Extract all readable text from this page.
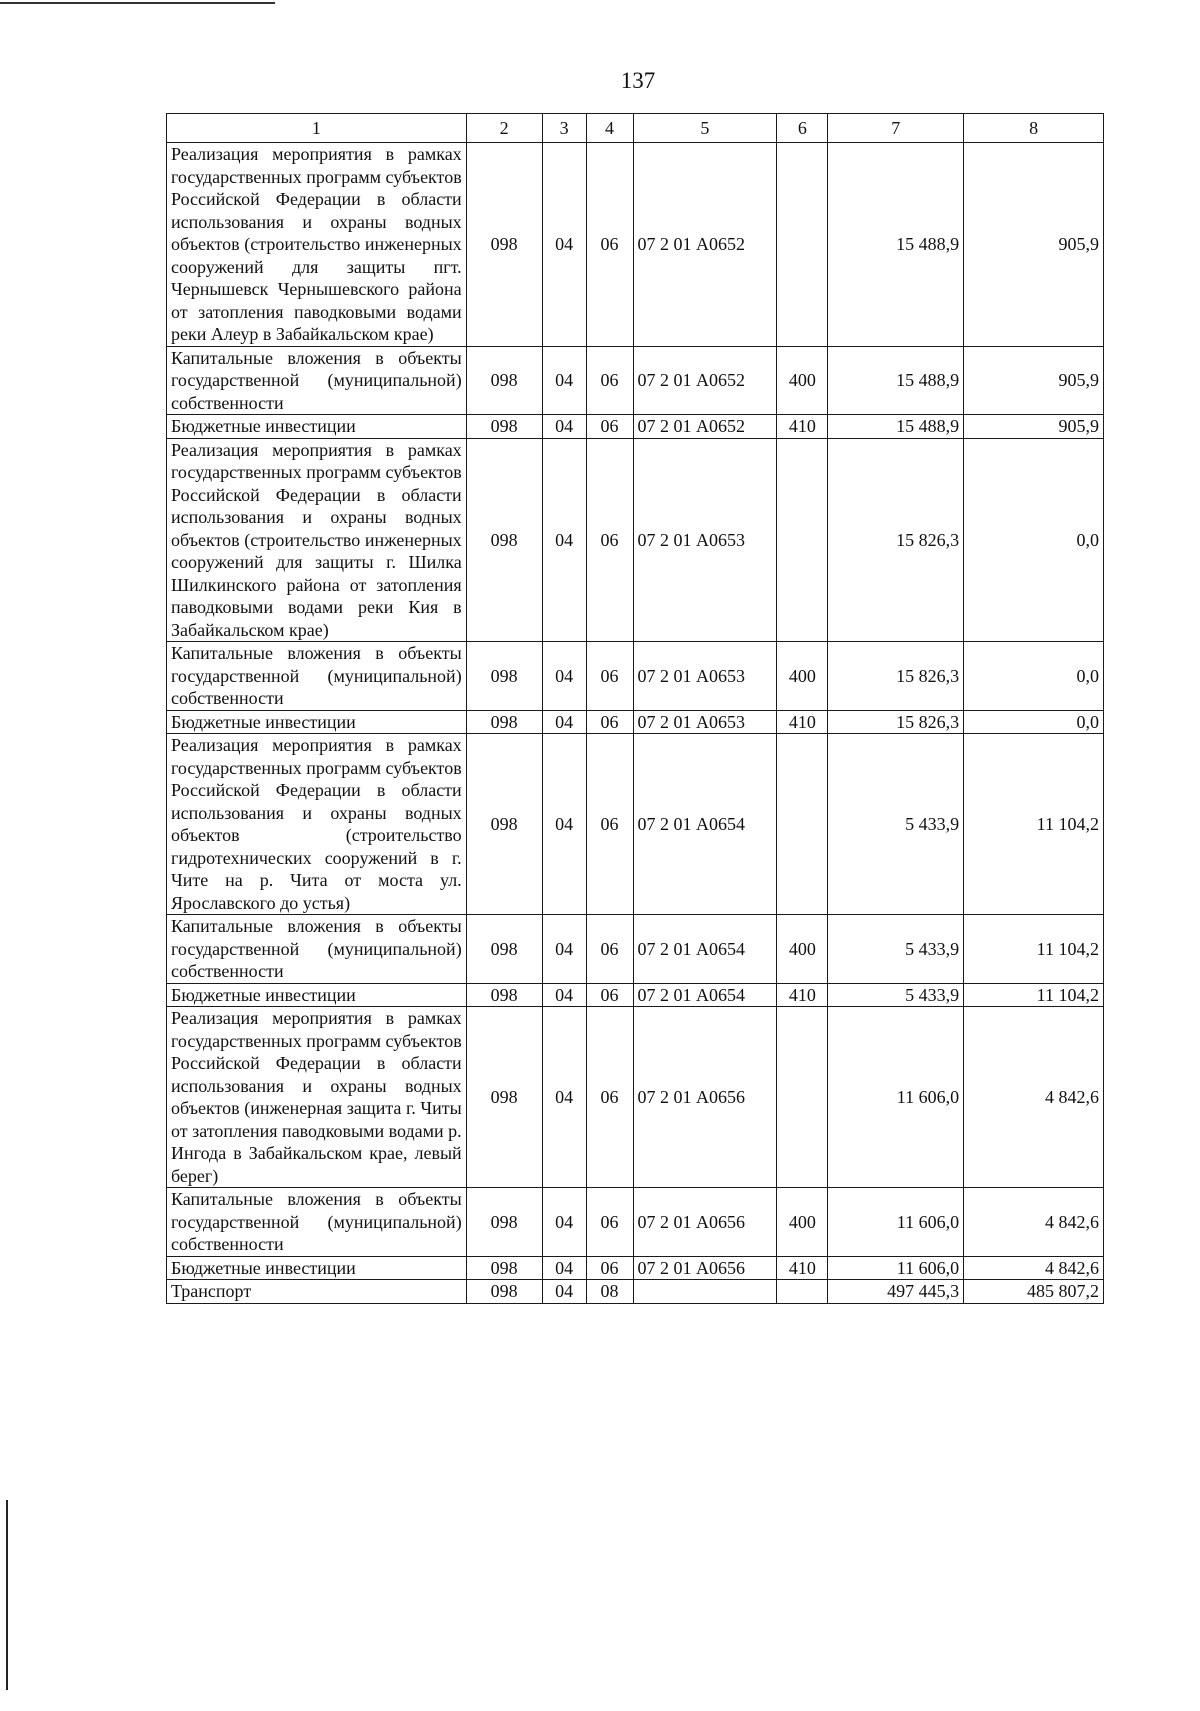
137
1	2	3	4	5	6	7	8
Реализация мероприятия в рамках государственных программ субъектов Российской Федерации в области использования и охраны водных объектов (строительство инженерных сооружений для защиты пгт. Чернышевск Чернышевского района от затопления паводковыми водами реки Алеур в Забайкальском крае)	098	04	06	07 2 01 А0652		15 488,9	905,9
Капитальные вложения в объекты государственной (муниципальной) собственности	098	04	06	07 2 01 А0652	400	15 488,9	905,9
Бюджетные инвестиции	098	04	06	07 2 01 А0652	410	15 488,9	905,9
Реализация мероприятия в рамках государственных программ субъектов Российской Федерации в области использования и охраны водных объектов (строительство инженерных сооружений для защиты г. Шилка Шилкинского района от затопления паводковыми водами реки Кия в Забайкальском крае)	098	04	06	07 2 01 А0653		15 826,3	0,0
Капитальные вложения в объекты государственной (муниципальной) собственности	098	04	06	07 2 01 А0653	400	15 826,3	0,0
Бюджетные инвестиции	098	04	06	07 2 01 А0653	410	15 826,3	0,0
Реализация мероприятия в рамках государственных программ субъектов Российской Федерации в области использования и охраны водных объектов (строительство гидротехнических сооружений в г. Чите на р. Чита от моста ул. Ярославского до устья)	098	04	06	07 2 01 А0654		5 433,9	11 104,2
Капитальные вложения в объекты государственной (муниципальной) собственности	098	04	06	07 2 01 А0654	400	5 433,9	11 104,2
Бюджетные инвестиции	098	04	06	07 2 01 А0654	410	5 433,9	11 104,2
Реализация мероприятия в рамках государственных программ субъектов Российской Федерации в области использования и охраны водных объектов (инженерная защита г. Читы от затопления паводковыми водами р. Ингода в Забайкальском крае, левый берег)	098	04	06	07 2 01 А0656		11 606,0	4 842,6
Капитальные вложения в объекты государственной (муниципальной) собственности	098	04	06	07 2 01 А0656	400	11 606,0	4 842,6
Бюджетные инвестиции	098	04	06	07 2 01 А0656	410	11 606,0	4 842,6
Транспорт	098	04	08			497 445,3	485 807,2
